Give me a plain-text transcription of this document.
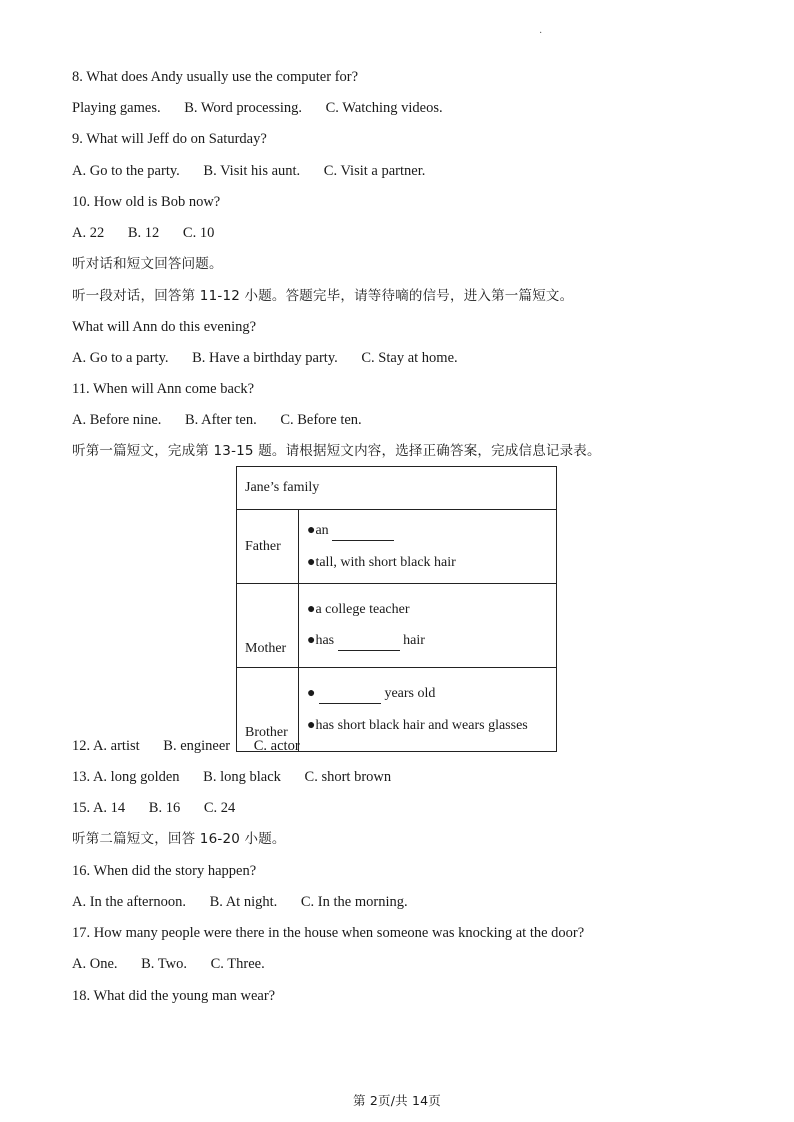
·
8. What does Andy usually use the computer for?
Playing games. B. Word processing. C. Watching videos.
9. What will Jeff do on Saturday?
A. Go to the party. B. Visit his aunt. C. Visit a partner.
10. How old is Bob now?
A. 22 B. 12 C. 10
听对话和短文回答问题。
听一段对话，回答第 11-12 小题。答题完毕，请等待嘀的信号，进入第一篇短文。
What will Ann do this evening?
A. Go to a party. B. Have a birthday party. C. Stay at home.
11. When will Ann come back?
A. Before nine. B. After ten. C. Before ten.
听第一篇短文，完成第 13-15 题。请根据短文内容，选择正确答案，完成信息记录表。
Jane’s family	
Father	●an
●tall, with short black hair

Mother	●a college teacher
●has hair

Brother	● years old
●has short black hair and wears glasses
12. A. artist B. engineer C. actor
13. A. long golden B. long black C. short brown
15. A. 14 B. 16 C. 24
听第二篇短文，回答 16-20 小题。
16. When did the story happen?
A. In the afternoon. B. At night. C. In the morning.
17. How many people were there in the house when someone was knocking at the door?
A. One. B. Two. C. Three.
18. What did the young man wear?
第 2页/共 14页
